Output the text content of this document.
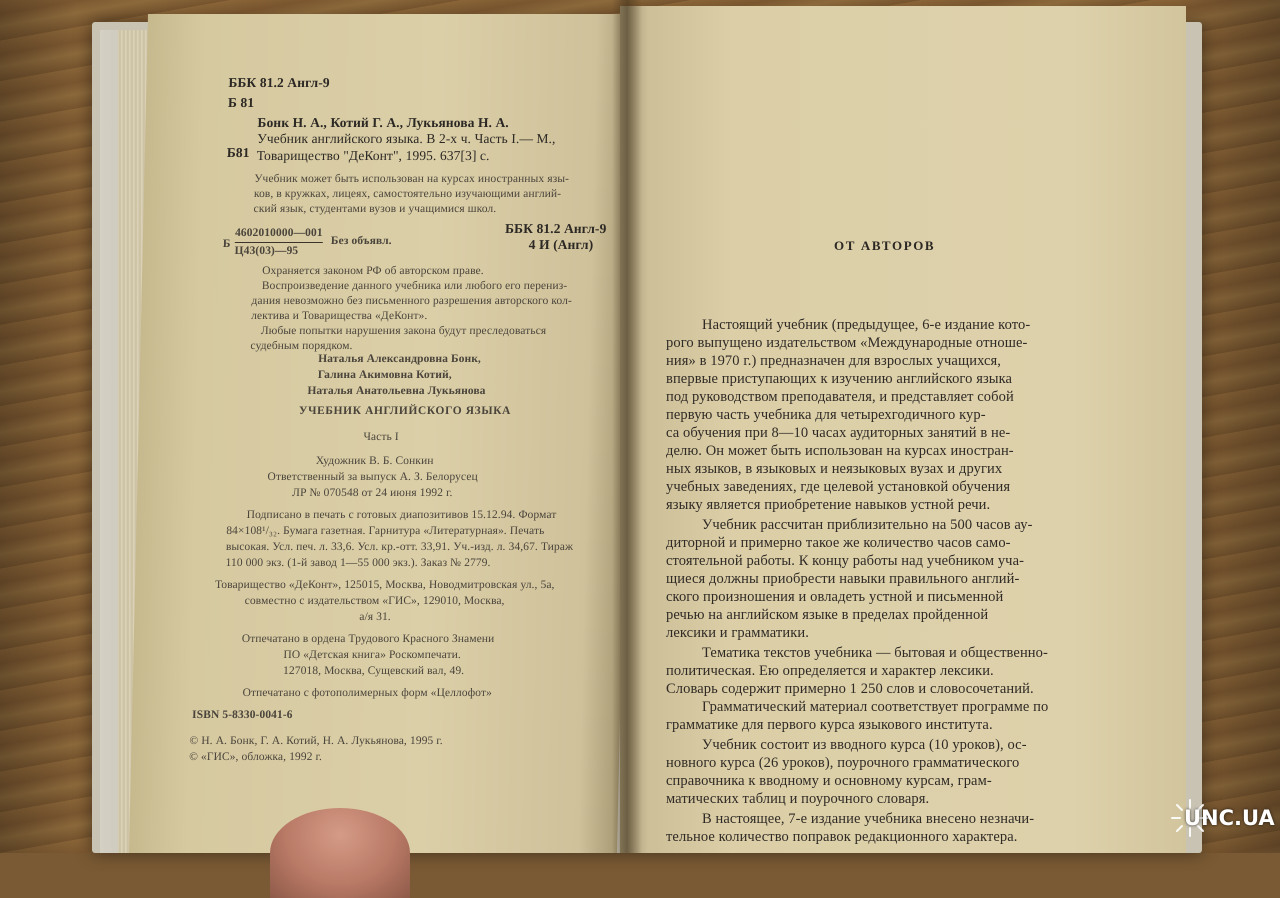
ББК 81.2 Англ-9
Б 81
Бонк Н. А., Котий Г. А., Лукьянова Н. А.
Б81
Учебник английского языка. В 2-х ч. Часть I.— М.,
Товарищество "ДеКонт", 1995. 637[3] с.
Учебник может быть использован на курсах иностранных язы-
ков, в кружках, лицеях, самостоятельно изучающими англий-
ский язык, студентами вузов и учащимися школ.
Б
4602010000—001
Ц43(03)—95
Без объявл.
ББК 81.2 Англ-9
4 И (Англ)
Охраняется законом РФ об авторском праве.
Воспроизведение данного учебника или любого его перениз-
дания невозможно без письменного разрешения авторского кол-
лектива и Товарищества «ДеКонт».
Любые попытки нарушения закона будут преследоваться
судебным порядком.
Наталья Александровна Бонк,
Галина Акимовна Котий,
Наталья Анатольевна Лукьянова
УЧЕБНИК АНГЛИЙСКОГО ЯЗЫКА
Часть I
Художник В. Б. Сонкин
Ответственный за выпуск А. З. Белорусец
ЛР № 070548 от 24 июня 1992 г.
Подписано в печать с готовых диапозитивов 15.12.94. Формат
84×108¹/₃₂. Бумага газетная. Гарнитура «Литературная». Печать
высокая. Усл. печ. л. 33,6. Усл. кр.-отт. 33,91. Уч.-изд. л. 34,67. Тираж
110 000 экз. (1-й завод 1—55 000 экз.). Заказ № 2779.
Товарищество «ДеКонт», 125015, Москва, Новодмитровская ул., 5а,
совместно с издательством «ГИС», 129010, Москва,
а/я 31.
Отпечатано в ордена Трудового Красного Знамени
ПО «Детская книга» Роскомпечати.
127018, Москва, Сущевский вал, 49.
Отпечатано с фотополимерных форм «Целлофот»
ISBN 5-8330-0041-6
© Н. А. Бонк, Г. А. Котий, Н. А. Лукьянова, 1995 г.
© «ГИС», обложка, 1992 г.
ОТ АВТОРОВ
Настоящий учебник (предыдущее, 6-е издание кото-
рого выпущено издательством «Международные отноше-
ния» в 1970 г.) предназначен для взрослых учащихся,
впервые приступающих к изучению английского языка
под руководством преподавателя, и представляет собой
первую часть учебника для четырехгодичного кур-
са обучения при 8—10 часах аудиторных занятий в не-
делю. Он может быть использован на курсах иностран-
ных языков, в языковых и неязыковых вузах и других
учебных заведениях, где целевой установкой обучения
языку является приобретение навыков устной речи.
Учебник рассчитан приблизительно на 500 часов ау-
диторной и примерно такое же количество часов само-
стоятельной работы. К концу работы над учебником уча-
щиеся должны приобрести навыки правильного англий-
ского произношения и овладеть устной и письменной
речью на английском языке в пределах пройденной
лексики и грамматики.
Тематика текстов учебника — бытовая и общественно-
политическая. Ею определяется и характер лексики.
Словарь содержит примерно 1 250 слов и словосочетаний.
Грамматический материал соответствует программе по
грамматике для первого курса языкового института.
Учебник состоит из вводного курса (10 уроков), ос-
новного курса (26 уроков), поурочного грамматического
справочника к вводному и основному курсам, грам-
матических таблиц и поурочного словаря.
В настоящее, 7-е издание учебника внесено незначи-
тельное количество поправок редакционного характера.
UNC.UA
